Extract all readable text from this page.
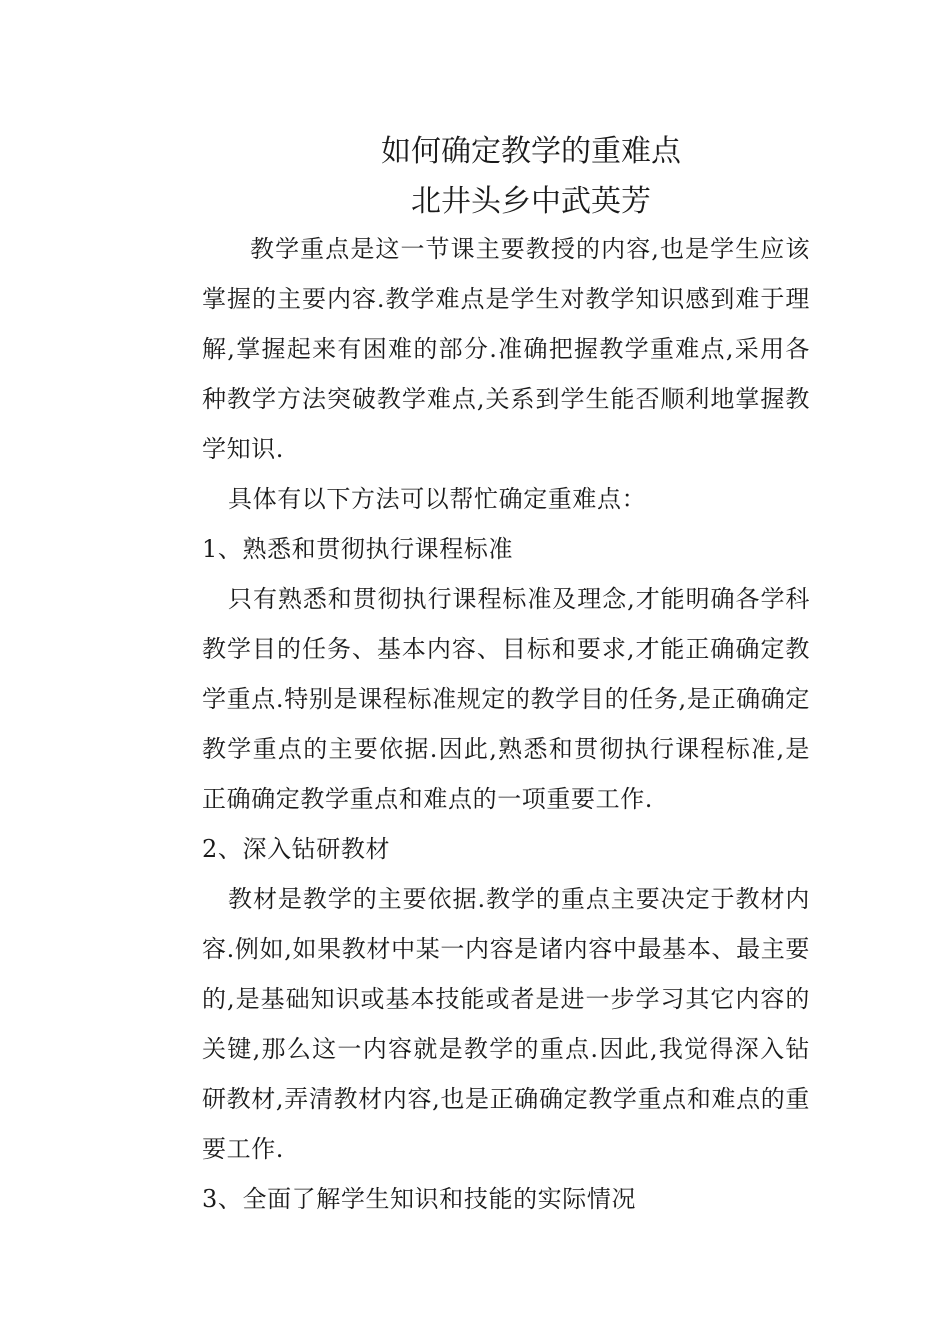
如何确定教学的重难点
北井头乡中武英芳

教学重点是这一节课主要教授的内容,也是学生应该掌握的主要内容.教学难点是学生对教学知识感到难于理解,掌握起来有困难的部分.准确把握教学重难点,采用各种教学方法突破教学难点,关系到学生能否顺利地掌握教学知识.

具体有以下方法可以帮忙确定重难点：

1、熟悉和贯彻执行课程标准

只有熟悉和贯彻执行课程标准及理念,才能明确各学科教学目的任务、基本内容、目标和要求,才能正确确定教学重点.特别是课程标准规定的教学目的任务,是正确确定教学重点的主要依据.因此,熟悉和贯彻执行课程标准,是正确确定教学重点和难点的一项重要工作.

2、深入钻研教材

教材是教学的主要依据.教学的重点主要决定于教材内容.例如,如果教材中某一内容是诸内容中最基本、最主要的,是基础知识或基本技能或者是进一步学习其它内容的关键,那么这一内容就是教学的重点.因此,我觉得深入钻研教材,弄清教材内容,也是正确确定教学重点和难点的重要工作.

3、全面了解学生知识和技能的实际情况
